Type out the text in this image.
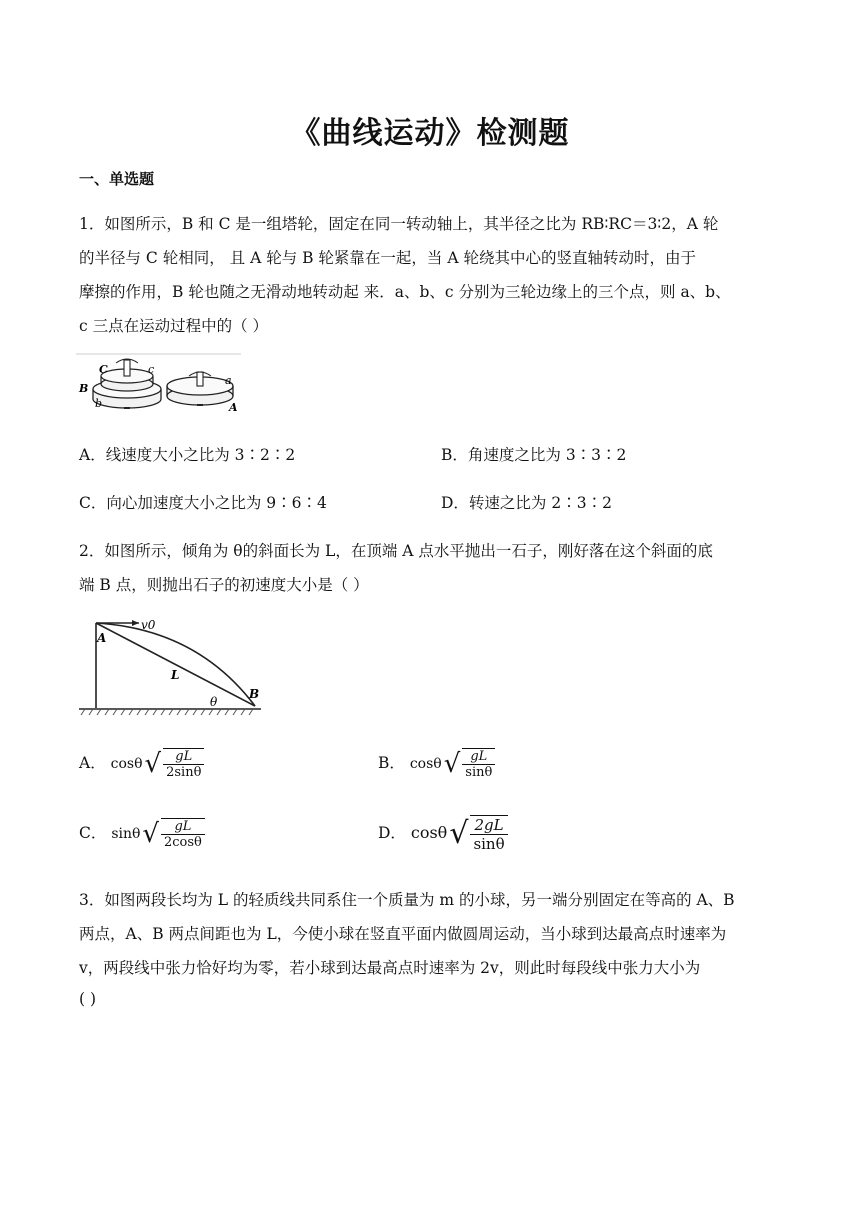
《曲线运动》检测题
一、单选题
1．如图所示，B 和 C 是一组塔轮，固定在同一转动轴上，其半径之比为 RB∶RC＝3∶2，A 轮
的半径与 C 轮相同， 且 A 轮与 B 轮紧靠在一起，当 A 轮绕其中心的竖直轴转动时，由于
摩擦的作用，B 轮也随之无滑动地转动起 来．a、b、c 分别为三轮边缘上的三个点，则 a、b、
c 三点在运动过程中的（ ）
C	c
B
b
a
A
A．线速度大小之比为 3∶2∶2	B．角速度之比为 3∶3∶2
C．向心加速度大小之比为 9∶6∶4	D．转速之比为 2∶3∶2
2．如图所示，倾角为 θ的斜面长为 L，在顶端 A 点水平抛出一石子，刚好落在这个斜面的底
端 B 点，则抛出石子的初速度大小是（ ）
v0
A
L
θ
B
A． $\cos\theta√ \frac{gL}{2\sin\theta}$	B． $\cos\theta√ \frac{gL}{\sin\theta}$
C． $\sin\theta√ \frac{gL}{2\cos\theta}$	D． $\cos\theta√ \frac{2gL}{\sin\theta}$
3．如图两段长均为 L 的轻质线共同系住一个质量为 m 的小球，另一端分别固定在等高的 A、B
两点，A、B 两点间距也为 L，今使小球在竖直平面内做圆周运动，当小球到达最高点时速率为
v，两段线中张力恰好均为零，若小球到达最高点时速率为 2v，则此时每段线中张力大小为
( )
